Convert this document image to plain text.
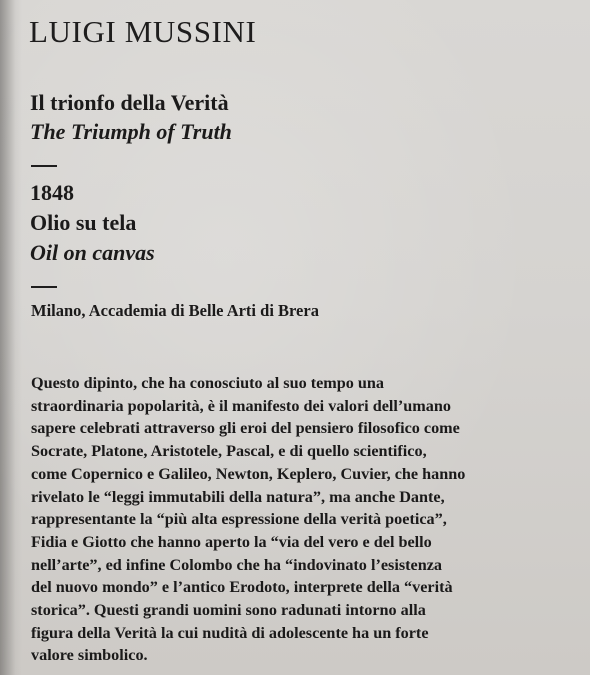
LUIGI MUSSINI
Il trionfo della Verità
The Triumph of Truth
1848
Olio su tela
Oil on canvas
Milano, Accademia di Belle Arti di Brera
Questo dipinto, che ha conosciuto al suo tempo una
straordinaria popolarità, è il manifesto dei valori dell’umano
sapere celebrati attraverso gli eroi del pensiero filosofico come
Socrate, Platone, Aristotele, Pascal, e di quello scientifico,
come Copernico e Galileo, Newton, Keplero, Cuvier, che hanno
rivelato le “leggi immutabili della natura”, ma anche Dante,
rappresentante la “più alta espressione della verità poetica”,
Fidia e Giotto che hanno aperto la “via del vero e del bello
nell’arte”, ed infine Colombo che ha “indovinato l’esistenza
del nuovo mondo” e l’antico Erodoto, interprete della “verità
storica”. Questi grandi uomini sono radunati intorno alla
figura della Verità la cui nudità di adolescente ha un forte
valore simbolico.
